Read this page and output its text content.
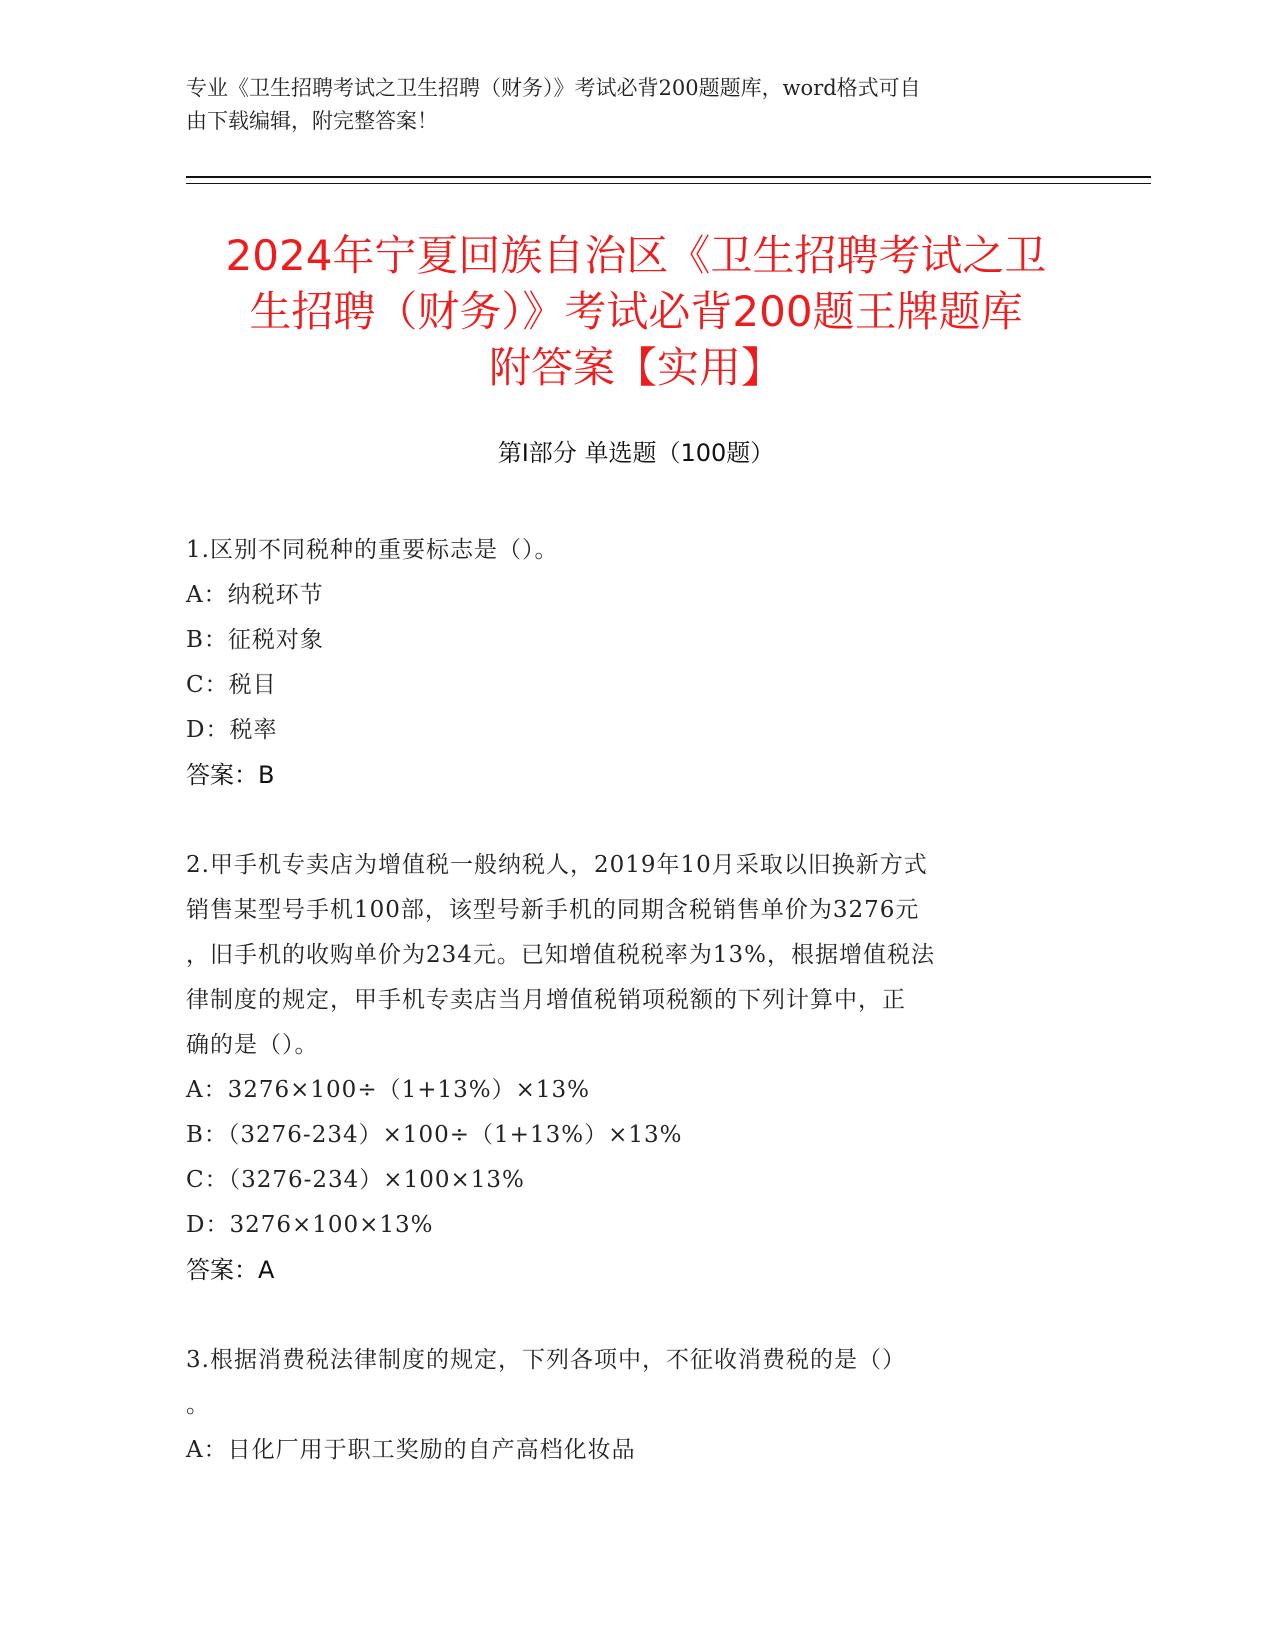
专业《卫生招聘考试之卫生招聘（财务）》考试必背200题题库，word格式可自
由下载编辑，附完整答案！
2024年宁夏回族自治区《卫生招聘考试之卫
生招聘（财务）》考试必背200题王牌题库
附答案【实用】
第Ⅰ部分 单选题（100题）

1.区别不同税种的重要标志是（）。

A：纳税环节

B：征税对象

C：税目

D：税率

答案：B

2.甲手机专卖店为增值税一般纳税人，2019年10月采取以旧换新方式
销售某型号手机100部，该型号新手机的同期含税销售单价为3276元
，旧手机的收购单价为234元。已知增值税税率为13%，根据增值税法
律制度的规定，甲手机专卖店当月增值税销项税额的下列计算中，正
确的是（）。

A：3276×100÷（1+13%）×13%

B：（3276-234）×100÷（1+13%）×13%

C：（3276-234）×100×13%

D：3276×100×13%

答案：A

3.根据消费税法律制度的规定，下列各项中，不征收消费税的是（）
。

A：日化厂用于职工奖励的自产高档化妆品
